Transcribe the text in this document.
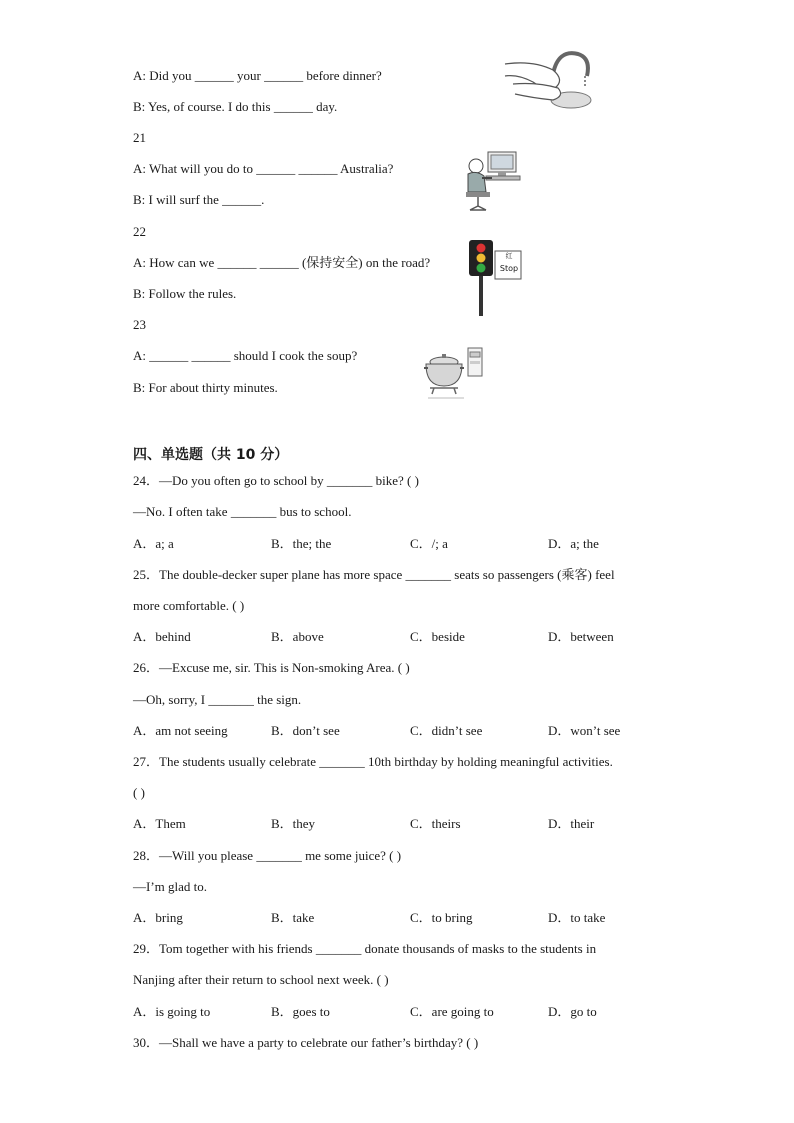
A: Did you ______ your ______ before dinner?
B: Yes, of course. I do this ______ day.
21
A: What will you do to ______ ______ Australia?
B: I will surf the ______.
22
A: How can we ______ ______ (保持安全) on the road?
B: Follow the rules.
红
Stop
23
A: ______ ______ should I cook the soup?
B: For about thirty minutes.
四、单选题（共 10 分）
24．—Do you often go to school by _______ bike? ( )
—No. I often take _______ bus to school.
A．a; a	B．the; the	C．/; a	D．a; the
25．The double-decker super plane has more space _______ seats so passengers (乘客) feel
more comfortable. ( )
A．behind	B．above	C．beside	D．between
26．—Excuse me, sir. This is Non-smoking Area. ( )
—Oh, sorry, I _______ the sign.
A．am not seeing	B．don’t see	C．didn’t see	D．won’t see
27．The students usually celebrate _______ 10th birthday by holding meaningful activities.
( )
A．Them	B．they	C．theirs	D．their
28．—Will you please _______ me some juice? ( )
—I’m glad to.
A．bring	B．take	C．to bring	D．to take
29．Tom together with his friends _______ donate thousands of masks to the students in
Nanjing after their return to school next week. ( )
A．is going to	B．goes to	C．are going to	D．go to
30．—Shall we have a party to celebrate our father’s birthday? ( )
